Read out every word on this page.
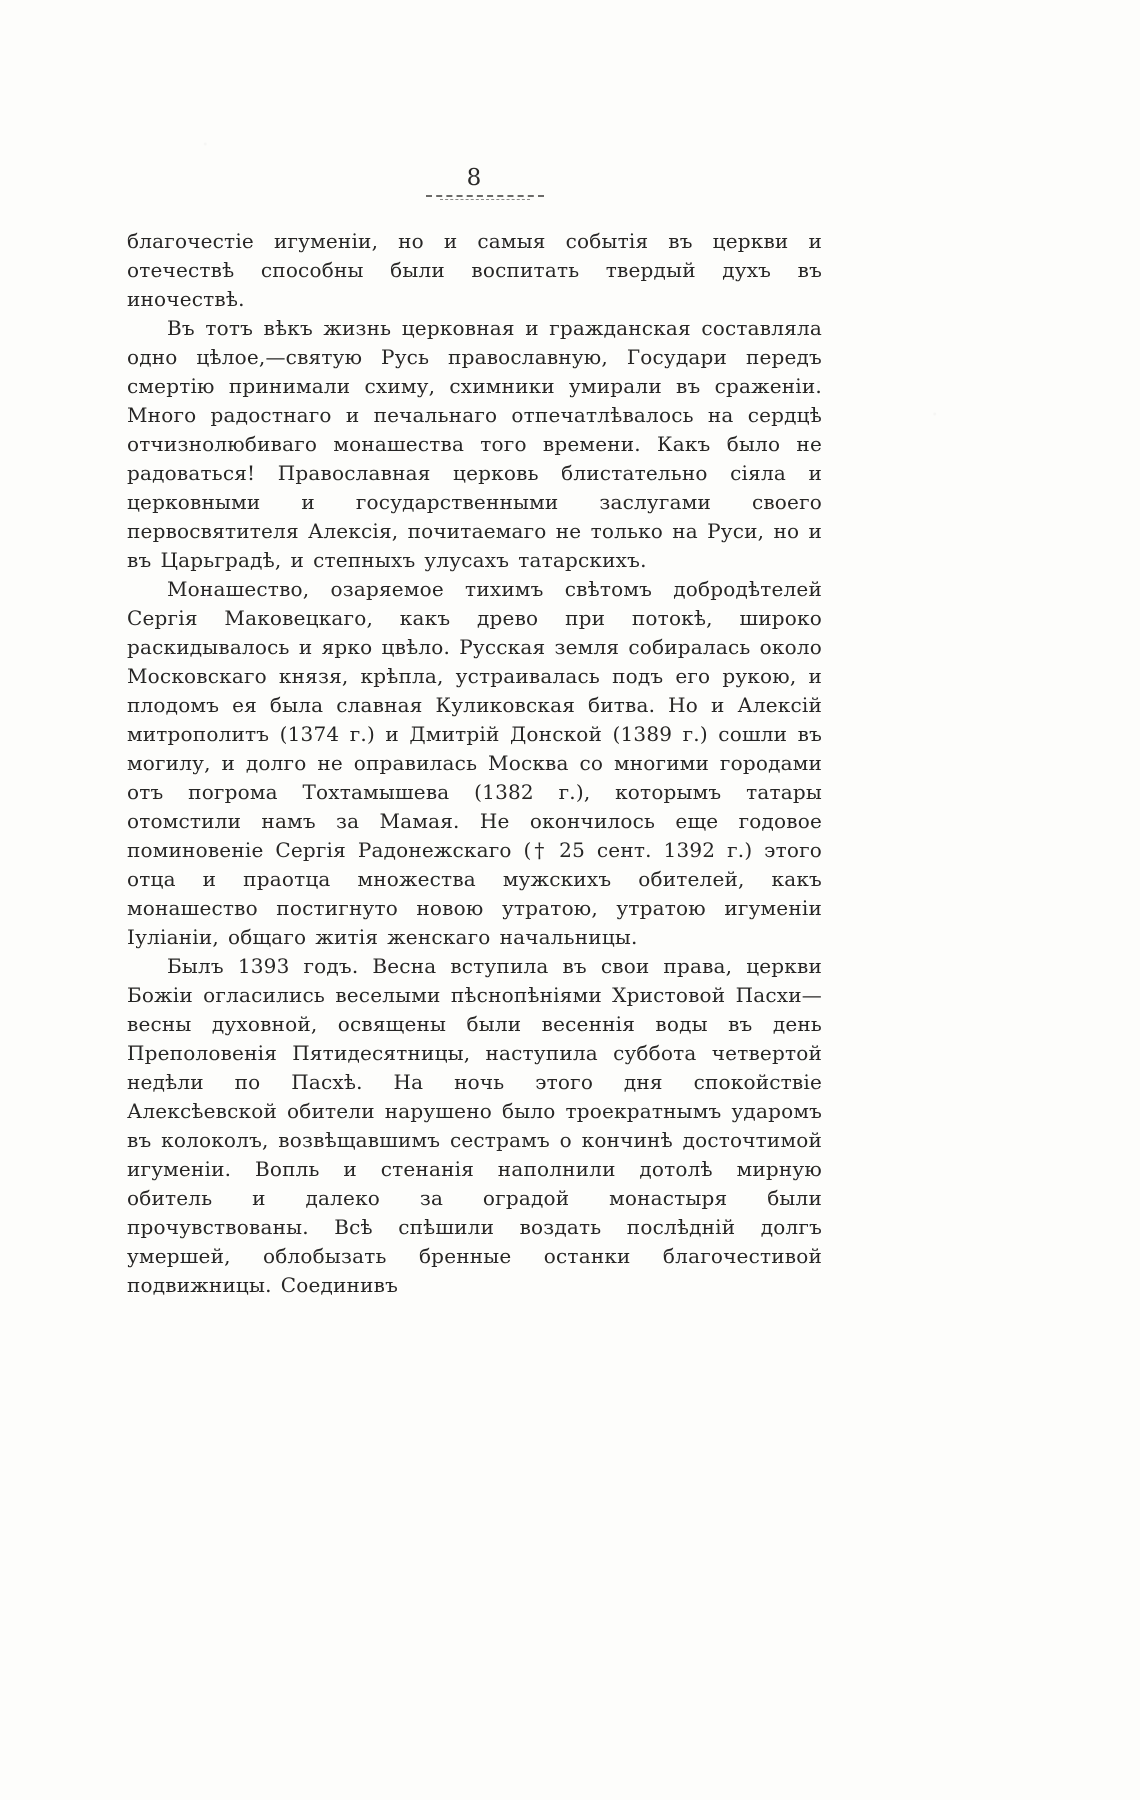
8

благочестіе игуменіи, но и самыя событія въ церкви и отечествѣ способны были воспитать твердый духъ въ иночествѣ.

Въ тотъ вѣкъ жизнь церковная и гражданская составляла одно цѣлое,—святую Русь православную, Государи передъ смертію принимали схиму, схимники умирали въ сраженіи. Много радостнаго и печальнаго отпечатлѣвалось на сердцѣ отчизнолюбиваго монашества того времени. Какъ было не радоваться! Православная церковь блистательно сіяла и церковными и государственными заслугами своего первосвятителя Алексія, почитаемаго не только на Руси, но и въ Царьградѣ, и степныхъ улусахъ татарскихъ.

Монашество, озаряемое тихимъ свѣтомъ добродѣтелей Сергія Маковецкаго, какъ древо при потокѣ, широко раскидывалось и ярко цвѣло. Русская земля собиралась около Московскаго князя, крѣпла, устраивалась подъ его рукою, и плодомъ ея была славная Куликовская битва. Но и Алексій митрополитъ (1374 г.) и Дмитрій Донской (1389 г.) сошли въ могилу, и долго не оправилась Москва со многими городами отъ погрома Тохтамышева (1382 г.), которымъ татары отомстили намъ за Мамая. Не окончилось еще годовое поминовеніе Сергія Радонежскаго († 25 сент. 1392 г.) этого отца и праотца множества мужскихъ обителей, какъ монашество постигнуто новою утратою, утратою игуменіи Іуліаніи, общаго житія женскаго начальницы.

Былъ 1393 годъ. Весна вступила въ свои права, церкви Божіи огласились веселыми пѣснопѣніями Христовой Пасхи—весны духовной, освящены были весеннія воды въ день Преполовенія Пятидесятницы, наступила суббота четвертой недѣли по Пасхѣ. На ночь этого дня спокойствіе Алексѣевской обители нарушено было троекратнымъ ударомъ въ колоколъ, возвѣщавшимъ сестрамъ о кончинѣ досточтимой игуменіи. Вопль и стенанія наполнили дотолѣ мирную обитель и далеко за оградой монастыря были прочувствованы. Всѣ спѣшили воздать послѣдній долгъ умершей, облобызать бренные останки благочестивой подвижницы. Соединивъ
